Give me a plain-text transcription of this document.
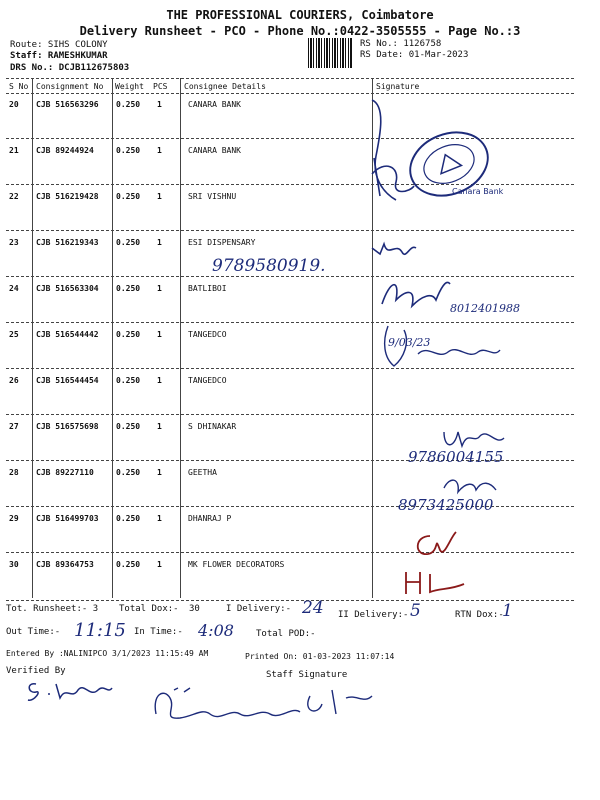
THE PROFESSIONAL COURIERS, Coimbatore
Delivery Runsheet - PCO - Phone No.:0422-3505555 - Page No.:3
Route: SIHS COLONY
Staff: RAMESHKUMAR
DRS No.: DCJB112675803
RS No.: 1126758
RS Date: 01-Mar-2023
S No Consignment No Weight PCS Consignee Details	Signature
20 CJB 516563296 0.250 1	CANARA BANK
21 CJB 89244924	0.250 1	CANARA BANK
22 CJB 516219428 0.250 1	SRI VISHNU
23 CJB 516219343 0.250 1	ESI DISPENSARY
24 CJB 516563304 0.250 1	BATLIBOI
25 CJB 516544442 0.250 1	TANGEDCO
26 CJB 516544454 0.250 1	TANGEDCO
27 CJB 516575698 0.250 1	S DHINAKAR
28 CJB 89227110	0.250 1	GEETHA
29 CJB 516499703 0.250 1	DHANRAJ P
30 CJB 89364753	0.250 1	MK FLOWER DECORATORS
9789580919.
8012401988
9/03/23
9786004155
8973425000
Canara Bank
Tot. Runsheet:- 3 Total Dox:- 30	I Delivery:- 24 II Delivery:- 5	RTN Dox:-
1
Out Time:- 11:15 In Time:- 4:08 Total POD:-
Entered By :NALINIPCO 3/1/2023 11:15:49 AM	Printed On: 01-03-2023 11:07:14
Verified By	Staff Signature
